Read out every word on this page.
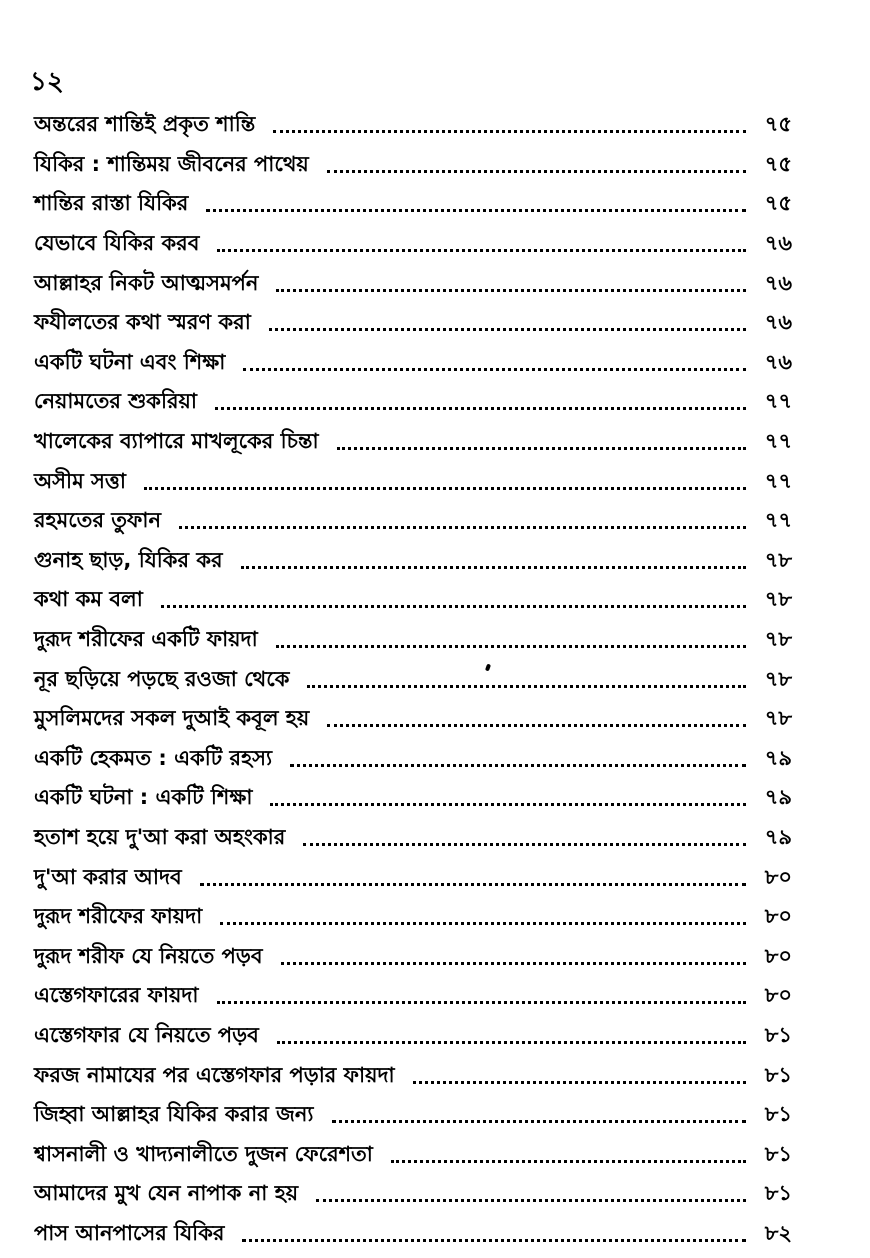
১২
অন্তরের শান্তিই প্রকৃত শান্তি	৭৫
যিকির : শান্তিময় জীবনের পাথেয়	৭৫
শান্তির রাস্তা যিকির	৭৫
যেভাবে যিকির করব	৭৬
আল্লাহর নিকট আত্মসমর্পন	৭৬
ফযীলতের কথা স্মরণ করা	৭৬
একটি ঘটনা এবং শিক্ষা	৭৬
নেয়ামতের শুকরিয়া	৭৭
খালেকের ব্যাপারে মাখলূকের চিন্তা	৭৭
অসীম সত্তা	৭৭
রহমতের তুফান	৭৭
গুনাহ ছাড়, যিকির কর	৭৮
কথা কম বলা	৭৮
দুরূদ শরীফের একটি ফায়দা	৭৮
নূর ছড়িয়ে পড়ছে রওজা থেকে	৭৮
মুসলিমদের সকল দুআই কবূল হয়	৭৮
একটি হেকমত : একটি রহস্য	৭৯
একটি ঘটনা : একটি শিক্ষা	৭৯
হতাশ হয়ে দু'আ করা অহংকার	৭৯
দু'আ করার আদব	৮০
দুরূদ শরীফের ফায়দা	৮০
দুরূদ শরীফ যে নিয়তে পড়ব	৮০
এস্তেগফারের ফায়দা	৮০
এস্তেগফার যে নিয়তে পড়ব	৮১
ফরজ নামাযের পর এস্তেগফার পড়ার ফায়দা	৮১
জিহ্বা আল্লাহর যিকির করার জন্য	৮১
শ্বাসনালী ও খাদ্যনালীতে দুজন ফেরেশতা	৮১
আমাদের মুখ যেন নাপাক না হয়	৮১
পাস আনপাসের যিকির	৮২
